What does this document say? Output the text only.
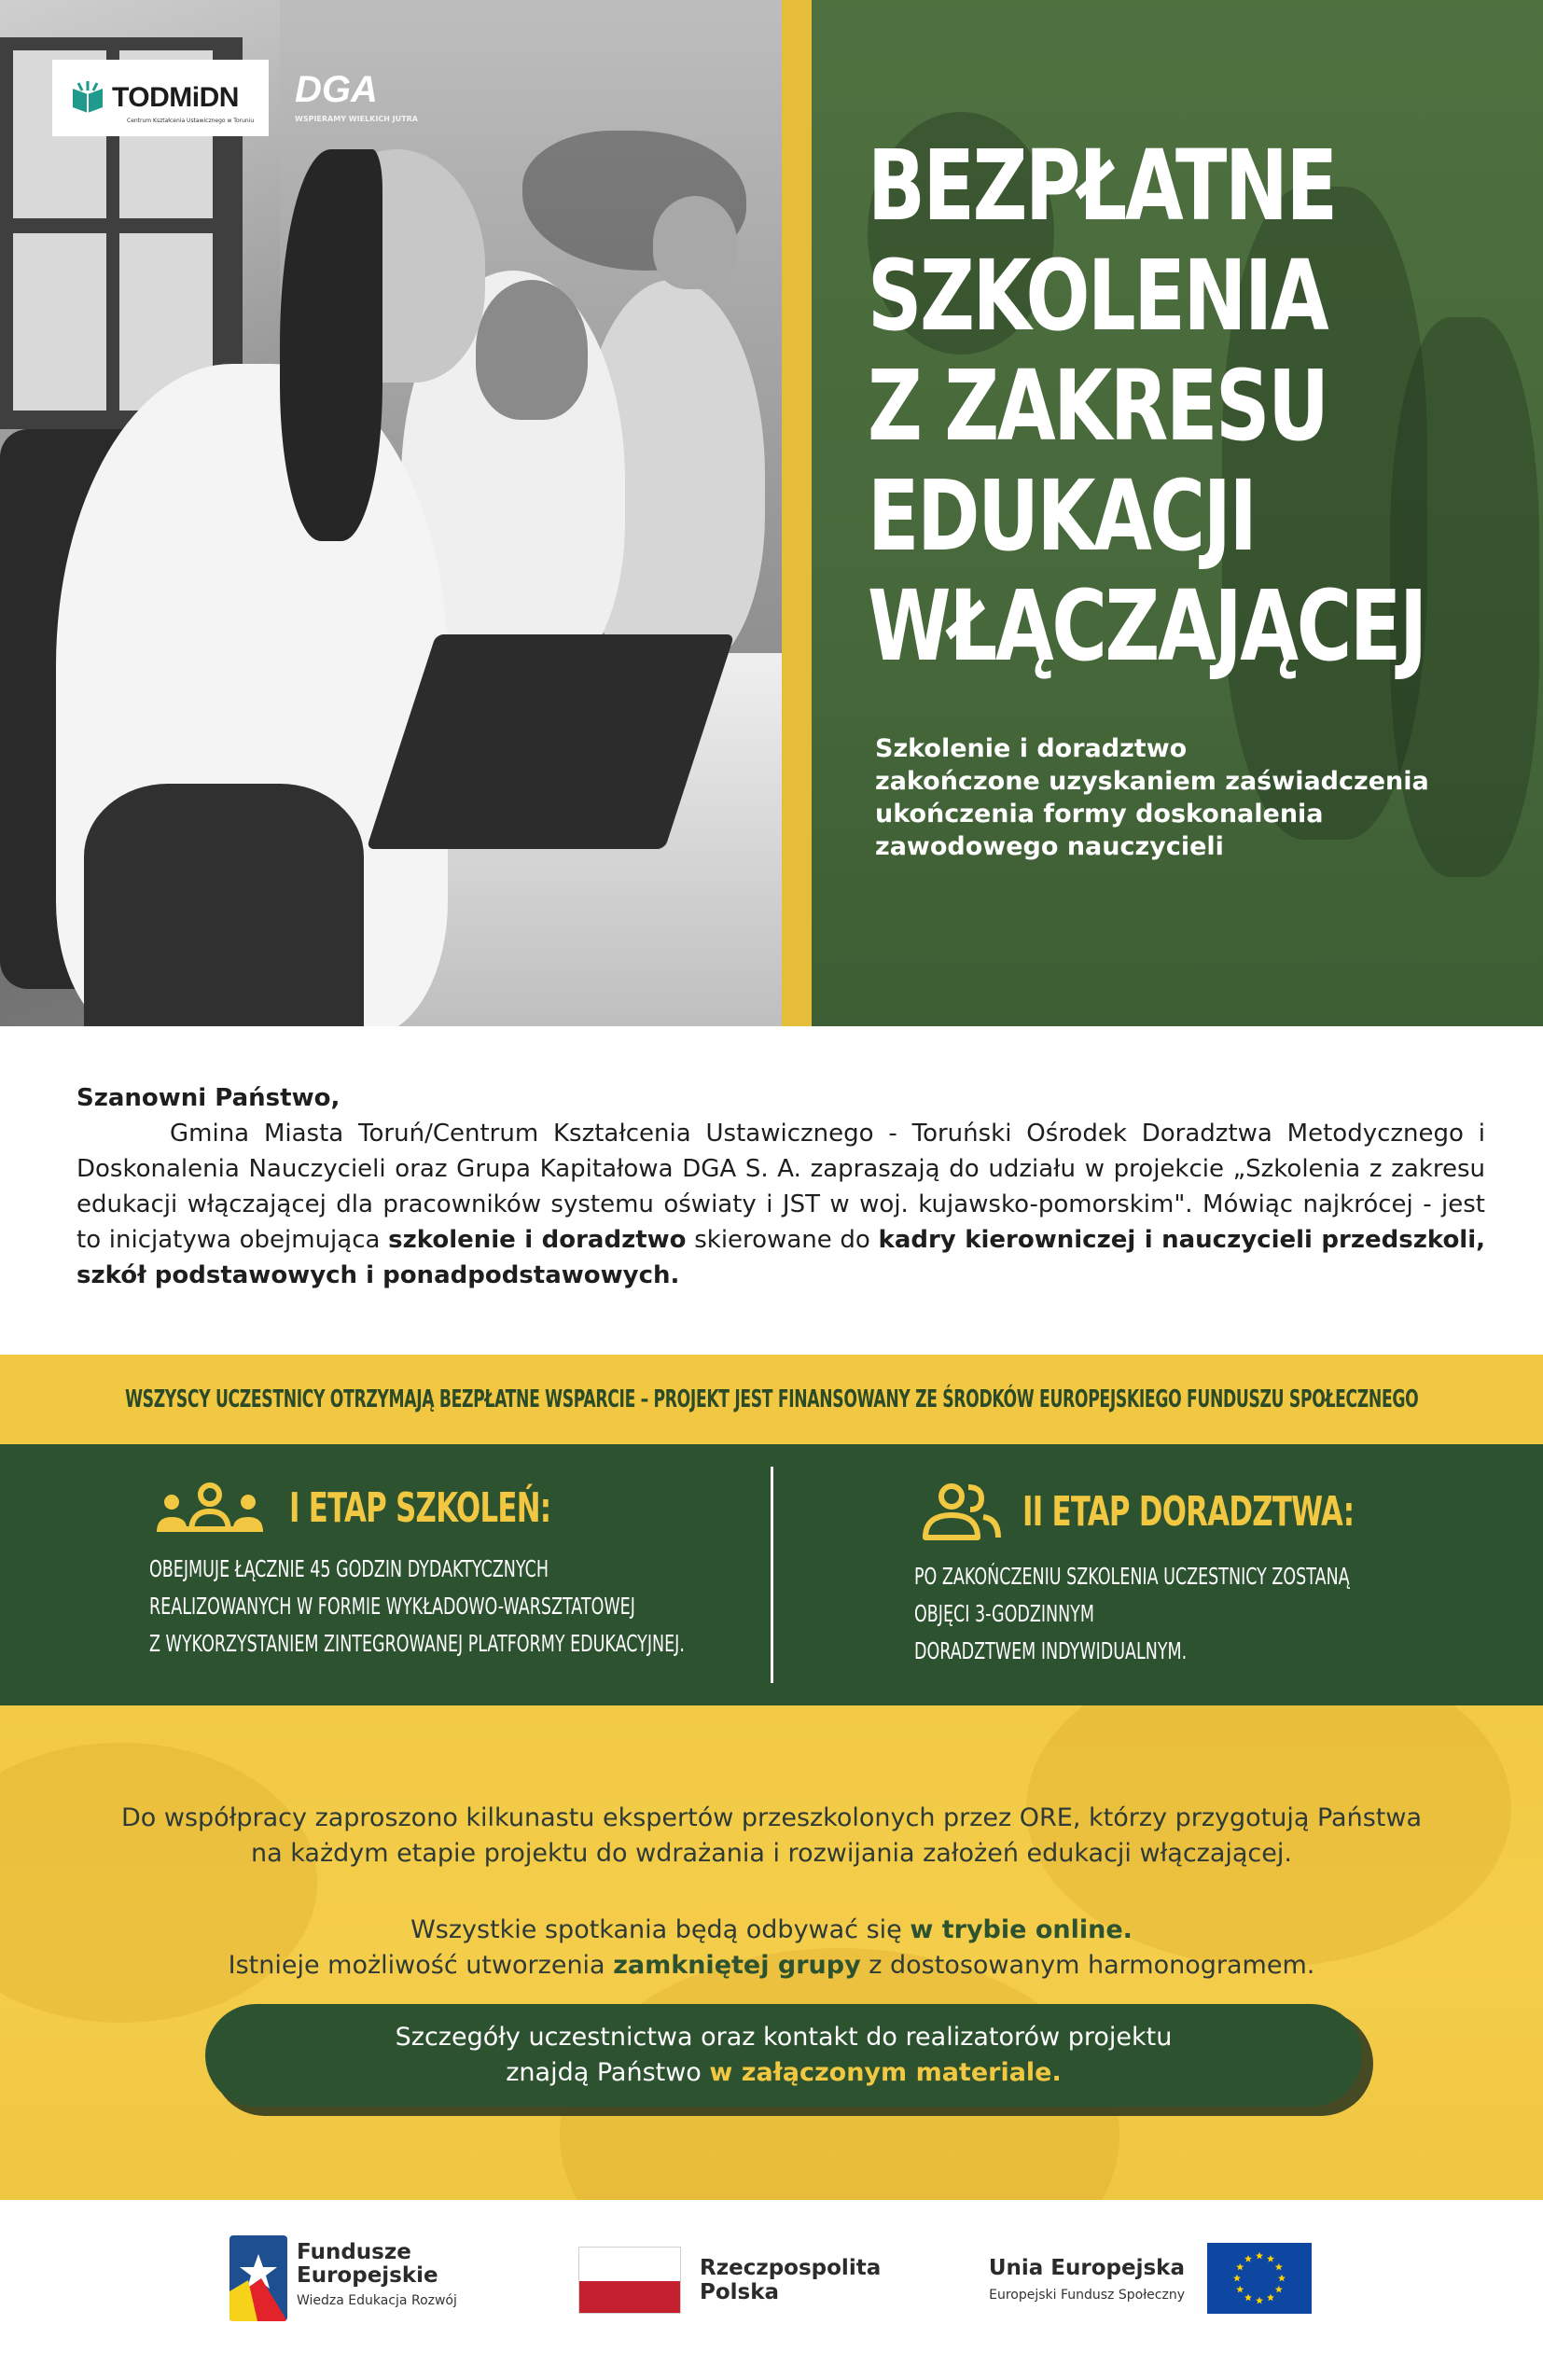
TODMiDN
Centrum Kształcenia Ustawicznego w Toruniu
DGA
WSPIERAMY WIELKICH JUTRA
BEZPŁATNE
SZKOLENIA
Z ZAKRESU
EDUKACJI
WŁĄCZAJĄCEJ
Szkolenie i doradztwo
zakończone uzyskaniem zaświadczenia
ukończenia formy doskonalenia
zawodowego nauczycieli
Szanowni Państwo,

Gmina Miasta Toruń/Centrum Kształcenia Ustawicznego - Toruński Ośrodek Doradztwa Metodycznego i Doskonalenia Nauczycieli oraz Grupa Kapitałowa DGA S. A. zapraszają do udziału w projekcie „Szkolenia z zakresu edukacji włączającej dla pracowników systemu oświaty i JST w woj. kujawsko-pomorskim". Mówiąc najkrócej - jest to inicjatywa obejmująca szkolenie i doradztwo skierowane do kadry kierowniczej i nauczycieli przedszkoli, szkół podstawowych i ponadpodstawowych.

WSZYSCY UCZESTNICY OTRZYMAJĄ BEZPŁATNE WSPARCIE – PROJEKT JEST FINANSOWANY ZE ŚRODKÓW EUROPEJSKIEGO FUNDUSZU SPOŁECZNEGO
I ETAP SZKOLEŃ:
OBEJMUJE ŁĄCZNIE 45 GODZIN DYDAKTYCZNYCH
REALIZOWANYCH W FORMIE WYKŁADOWO-WARSZTATOWEJ
Z WYKORZYSTANIEM ZINTEGROWANEJ PLATFORMY EDUKACYJNEJ.
II ETAP DORADZTWA:
PO ZAKOŃCZENIU SZKOLENIA UCZESTNICY ZOSTANĄ
OBJĘCI 3-GODZINNYM
DORADZTWEM INDYWIDUALNYM.
Do współpracy zaproszono kilkunastu ekspertów przeszkolonych przez ORE, którzy przygotują Państwa
na każdym etapie projektu do wdrażania i rozwijania założeń edukacji włączającej.
Wszystkie spotkania będą odbywać się w trybie online.
Istnieje możliwość utworzenia zamkniętej grupy z dostosowanym harmonogramem.
Szczegóły uczestnictwa oraz kontakt do realizatorów projektu
znajdą Państwo w załączonym materiale.
Fundusze
Europejskie
Wiedza Edukacja Rozwój
Rzeczpospolita
Polska
Unia Europejska
Europejski Fundusz Społeczny
